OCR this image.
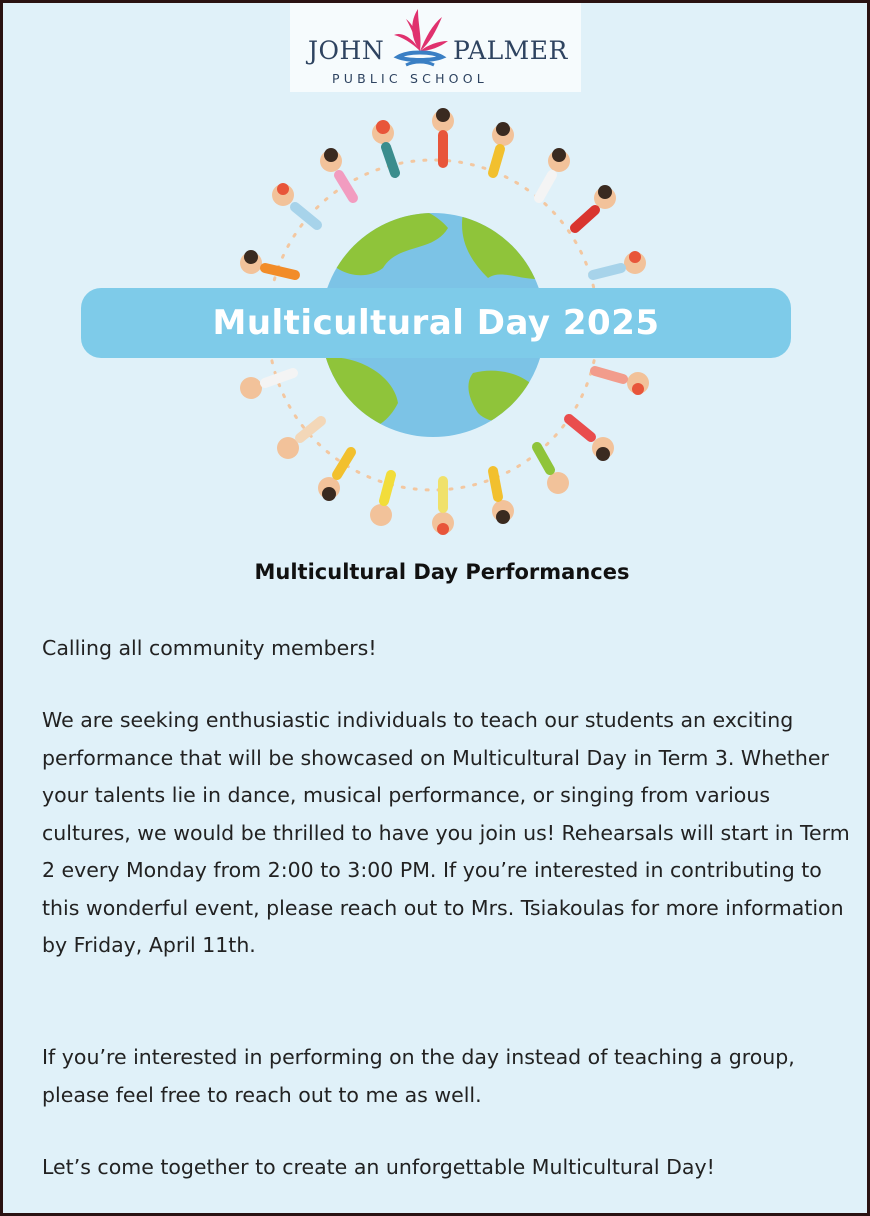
JOHN	PALMER
PUBLIC SCHOOL
Multicultural Day 2025
Multicultural Day Performances

Calling all community members!

We are seeking enthusiastic individuals to teach our students an exciting performance that will be showcased on Multicultural Day in Term 3. Whether your talents lie in dance, musical performance, or singing from various cultures, we would be thrilled to have you join us! Rehearsals will start in Term 2 every Monday from 2:00 to 3:00 PM. If you’re interested in contributing to this wonderful event, please reach out to Mrs. Tsiakoulas for more information by Friday, April 11th.

If you’re interested in performing on the day instead of teaching a group, please feel free to reach out to me as well.

Let’s come together to create an unforgettable Multicultural Day!
